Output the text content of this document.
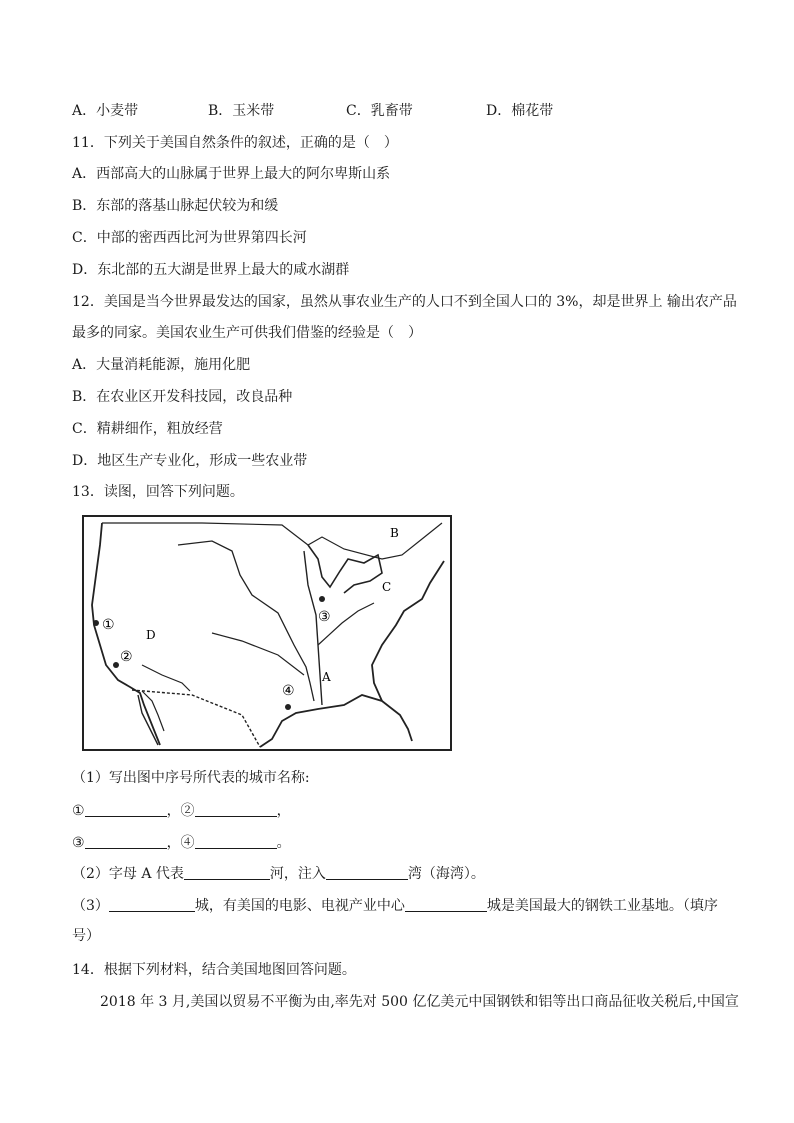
A．小麦带	B．玉米带	C．乳畜带	D．棉花带
11．下列关于美国自然条件的叙述，正确的是（　）
A．西部高大的山脉属于世界上最大的阿尔卑斯山系
B．东部的落基山脉起伏较为和缓
C．中部的密西西比河为世界第四长河
D．东北部的五大湖是世界上最大的咸水湖群
12．美国是当今世界最发达的国家，虽然从事农业生产的人口不到全国人口的 3%，却是世界上 输出农产品
最多的同家。美国农业生产可供我们借鉴的经验是（　）
A．大量消耗能源，施用化肥
B．在农业区开发科技园，改良品种
C．精耕细作，粗放经营
D．地区生产专业化，形成一些农业带
13．读图，回答下列问题。
①
②
③
④
D
A
B
C
（1）写出图中序号所代表的城市名称:
①	，②	，
③	，④	。
（2）字母 A 代表	河，注入	湾（海湾）。
（3）	城，有美国的电影、电视产业中心	城是美国最大的钢铁工业基地。（填序
号）
14．根据下列材料，结合美国地图回答问题。
2018 年 3 月,美国以贸易不平衡为由,率先对 500 亿亿美元中国钢铁和铝等出口商品征收关税后,中国宣
